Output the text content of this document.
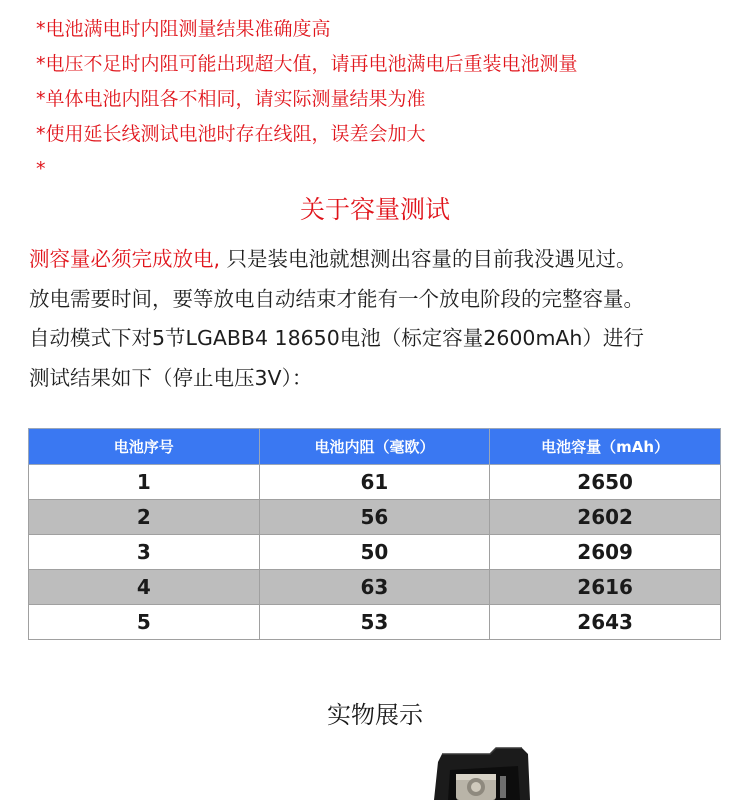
*电池满电时内阻测量结果准确度高
*电压不足时内阻可能出现超大值，请再电池满电后重装电池测量
*单体电池内阻各不相同，请实际测量结果为准
*使用延长线测试电池时存在线阻，误差会加大
*
关于容量测试
测容量必须完成放电, 只是装电池就想测出容量的目前我没遇见过。
放电需要时间，要等放电自动结束才能有一个放电阶段的完整容量。
自动模式下对5节LGABB4 18650电池（标定容量2600mAh）进行
测试结果如下（停止电压3V）：
电池序号	电池内阻（毫欧）	电池容量（mAh）
1	61	2650
2	56	2602
3	50	2609
4	63	2616
5	53	2643
实物展示
